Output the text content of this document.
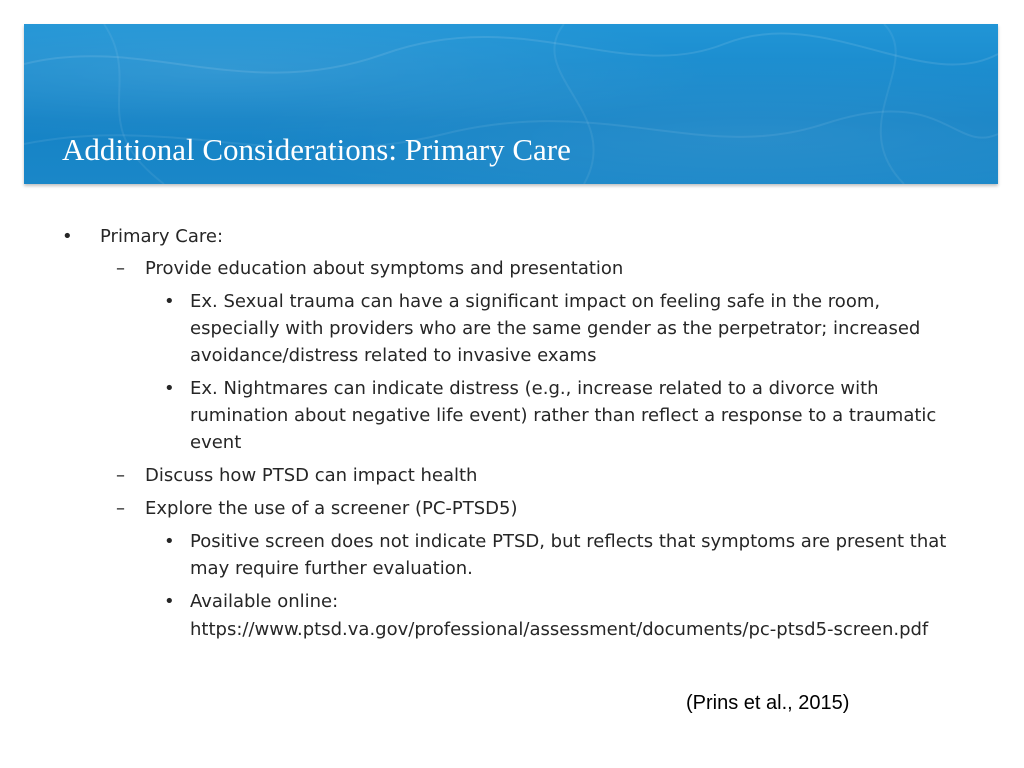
Additional Considerations: Primary Care
• Primary Care:
– Provide education about symptoms and presentation
• Ex. Sexual trauma can have a significant impact on feeling safe in the room,
especially with providers who are the same gender as the perpetrator; increased
avoidance/distress related to invasive exams
• Ex. Nightmares can indicate distress (e.g., increase related to a divorce with
rumination about negative life event) rather than reflect a response to a traumatic
event
– Discuss how PTSD can impact health
– Explore the use of a screener (PC-PTSD5)
• Positive screen does not indicate PTSD, but reflects that symptoms are present that
may require further evaluation.
• Available online:
https://www.ptsd.va.gov/professional/assessment/documents/pc-ptsd5-screen.pdf
(Prins et al., 2015)
